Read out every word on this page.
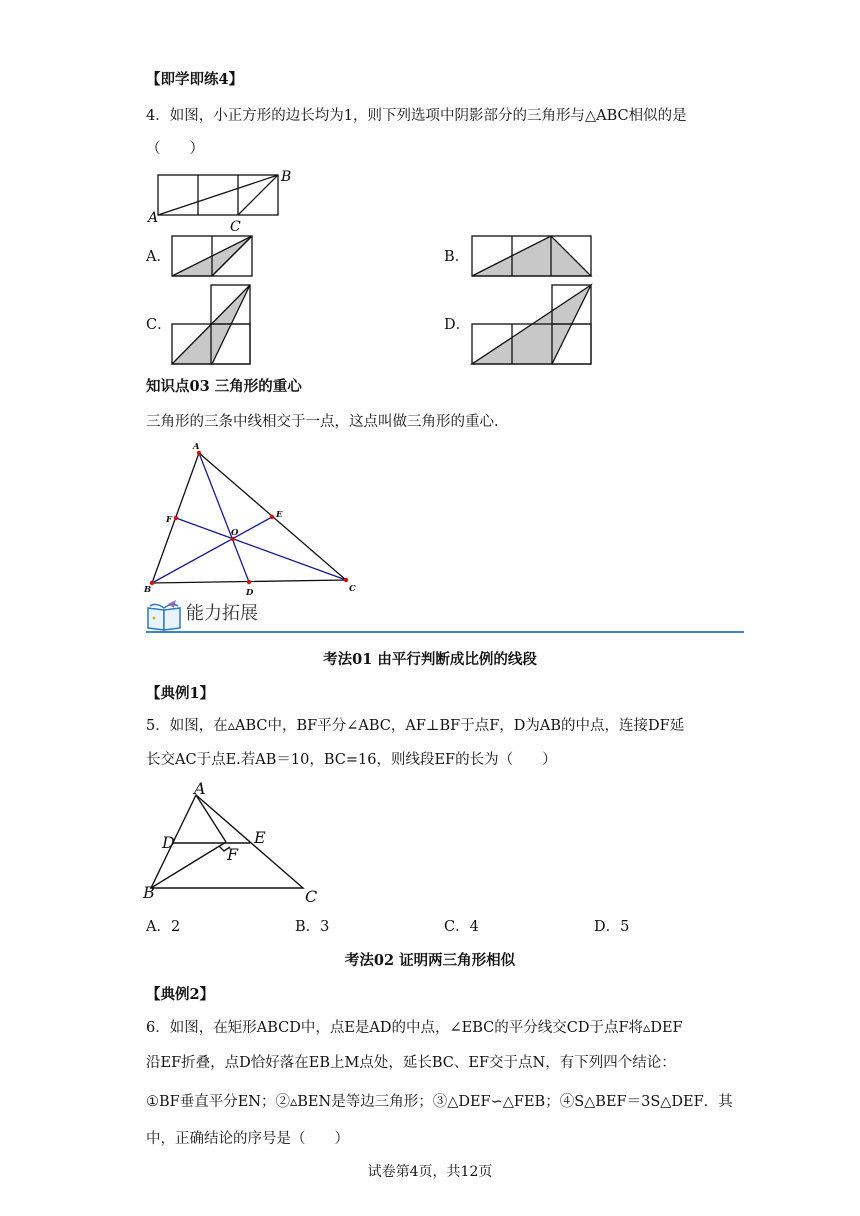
【即学即练4】
4．如图，小正方形的边长均为1，则下列选项中阴影部分的三角形与△ABC相似的是
（　　）
A
B
C
A．	B．
C．	D．
知识点03 三角形的重心
三角形的三条中线相交于一点，这点叫做三角形的重心.
A
B	C
D
E
F
O
能力拓展
考法01 由平行判断成比例的线段
【典例1】
5．如图，在▵ABC中，BF平分∠ABC，AF⊥BF于点F，D为AB的中点，连接DF延
长交AC于点E.若AB＝10，BC=16，则线段EF的长为（　　）
A
B	C
D	E
F
A．2	B．3	C．4	D．5
考法02 证明两三角形相似
【典例2】
6．如图，在矩形ABCD中，点E是AD的中点，∠EBC的平分线交CD于点F将▵DEF
沿EF折叠，点D恰好落在EB上M点处，延长BC、EF交于点N，有下列四个结论：
①BF垂直平分EN；②▵BEN是等边三角形；③△DEF∽△FEB；④S△BEF＝3S△DEF．其
中，正确结论的序号是（　　）
试卷第4页，共12页
